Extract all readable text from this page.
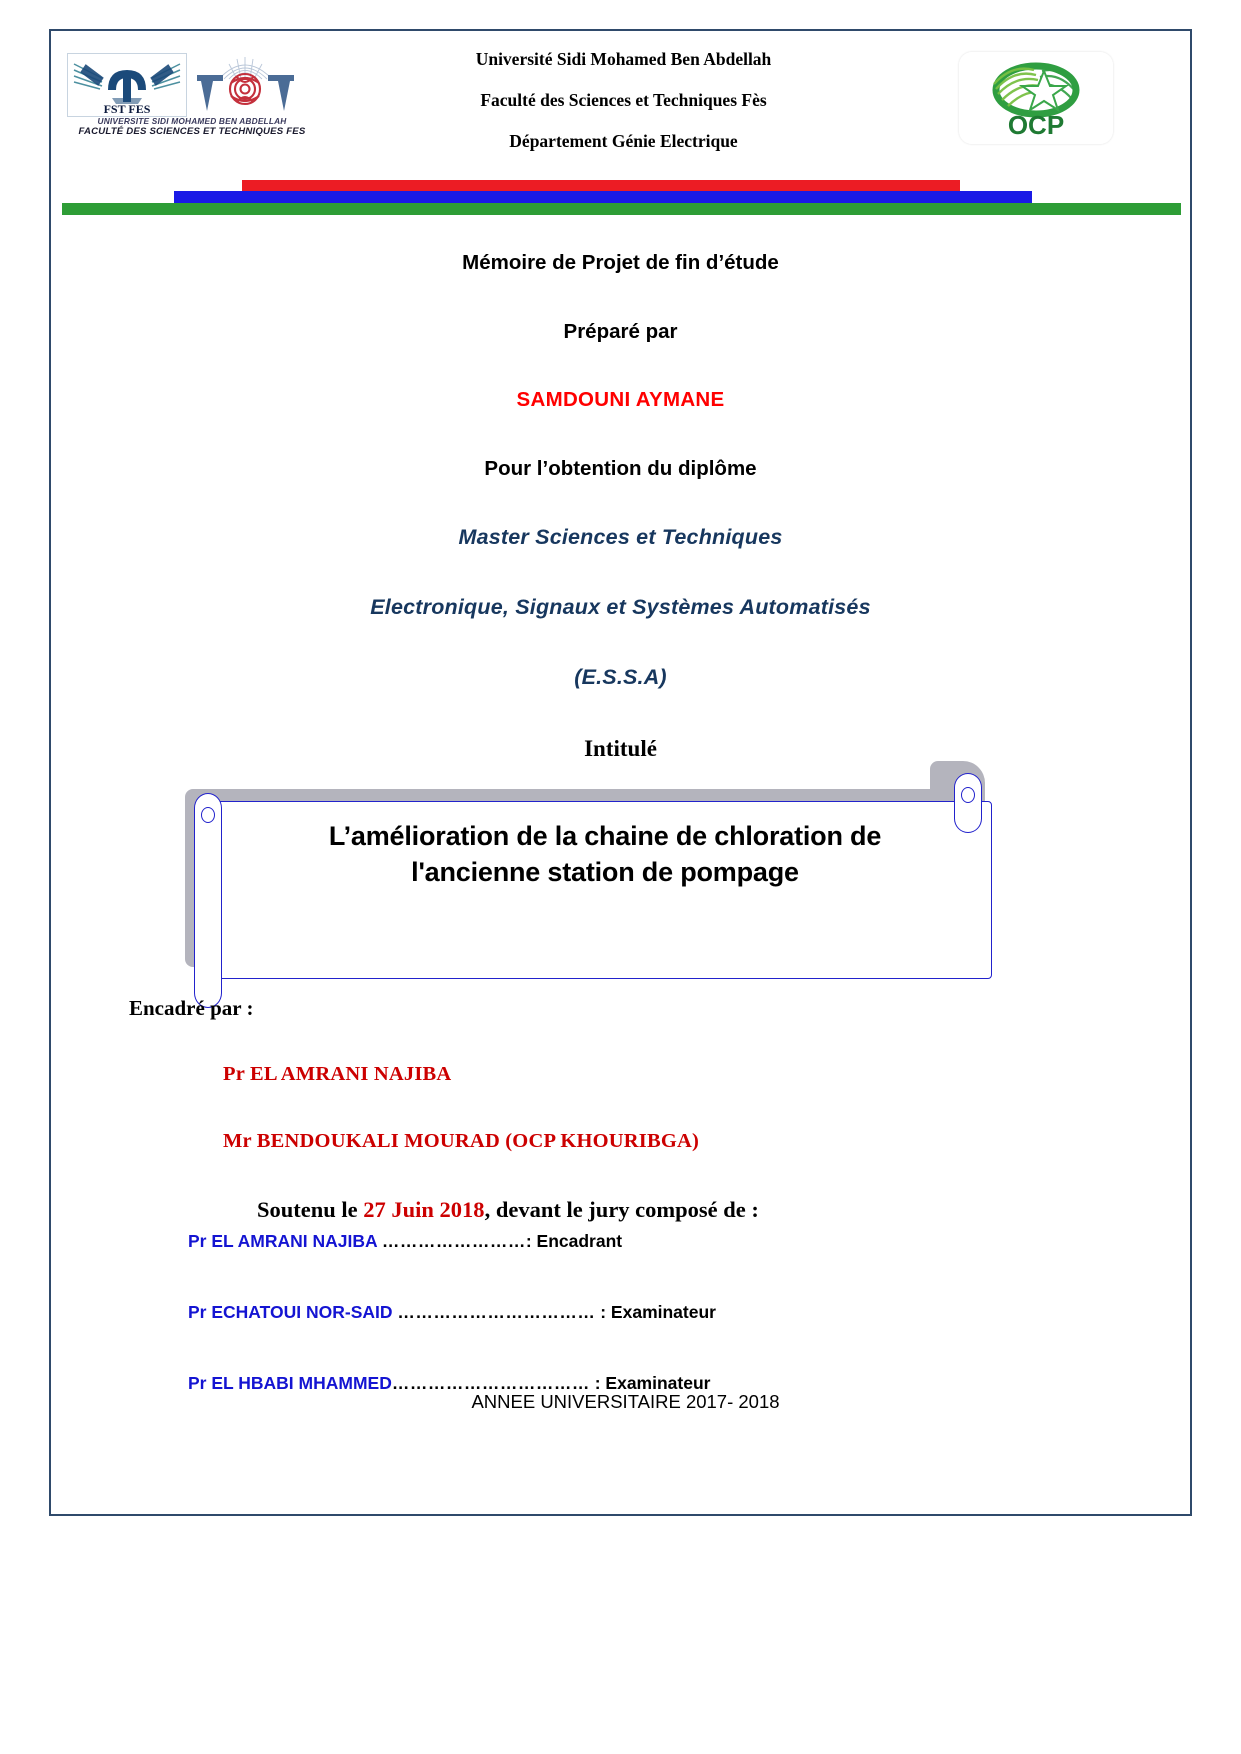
FST FES
UNIVERSITE SIDI MOHAMED BEN ABDELLAH
FACULTÉ DES SCIENCES ET TECHNIQUES FES
Université Sidi Mohamed Ben Abdellah
Faculté des Sciences et Techniques Fès
Département Génie Electrique
OCP

Mémoire de Projet de fin d’étude

Préparé par

SAMDOUNI AYMANE

Pour l’obtention du diplôme

Master Sciences et Techniques

Electronique, Signaux et Systèmes Automatisés

(E.S.S.A)

Intitulé

L’amélioration de la chaine de chloration de
l'ancienne station de pompage

Encadré par :

Pr EL AMRANI NAJIBA

Mr BENDOUKALI MOURAD (OCP KHOURIBGA)

Soutenu le 27 Juin 2018, devant le jury composé de :

Pr EL AMRANI NAJIBA ……………………: Encadrant

Pr ECHATOUI NOR-SAID …………………………… : Examinateur

Pr EL HBABI MHAMMED…………………………… : Examinateur

ANNEE UNIVERSITAIRE 2017- 2018
